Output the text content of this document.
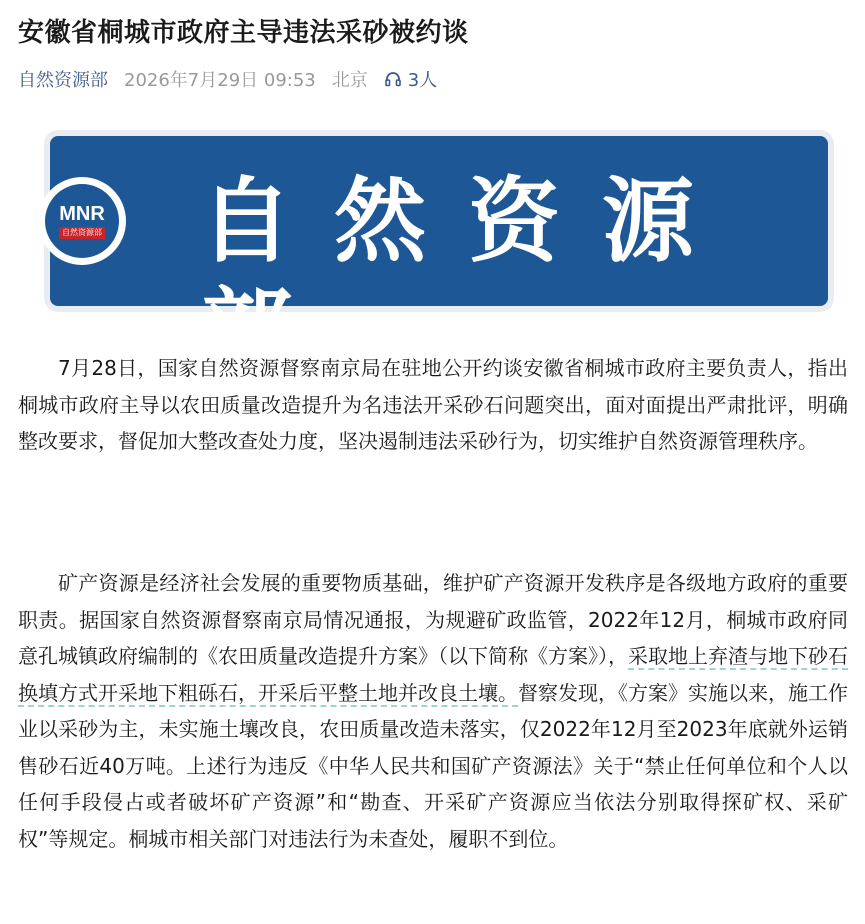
安徽省桐城市政府主导违法采砂被约谈
自然资源部 2026年7月29日 09:53 北京 3人
MNR
自然资源部 自然资源部

7月28日，国家自然资源督察南京局在驻地公开约谈安徽省桐城市政府主要负责人，指出桐城市政府主导以农田质量改造提升为名违法开采砂石问题突出，面对面提出严肃批评，明确整改要求，督促加大整改查处力度，坚决遏制违法采砂行为，切实维护自然资源管理秩序。

矿产资源是经济社会发展的重要物质基础，维护矿产资源开发秩序是各级地方政府的重要职责。据国家自然资源督察南京局情况通报，为规避矿政监管，2022年12月，桐城市政府同意孔城镇政府编制的《农田质量改造提升方案》（以下简称《方案》），采取地上弃渣与地下砂石换填方式开采地下粗砾石，开采后平整土地并改良土壤。督察发现，《方案》实施以来，施工作业以采砂为主，未实施土壤改良，农田质量改造未落实，仅2022年12月至2023年底就外运销售砂石近40万吨。上述行为违反《中华人民共和国矿产资源法》关于“禁止任何单位和个人以任何手段侵占或者破坏矿产资源”和“勘查、开采矿产资源应当依法分别取得探矿权、采矿权”等规定。桐城市相关部门对违法行为未查处，履职不到位。
